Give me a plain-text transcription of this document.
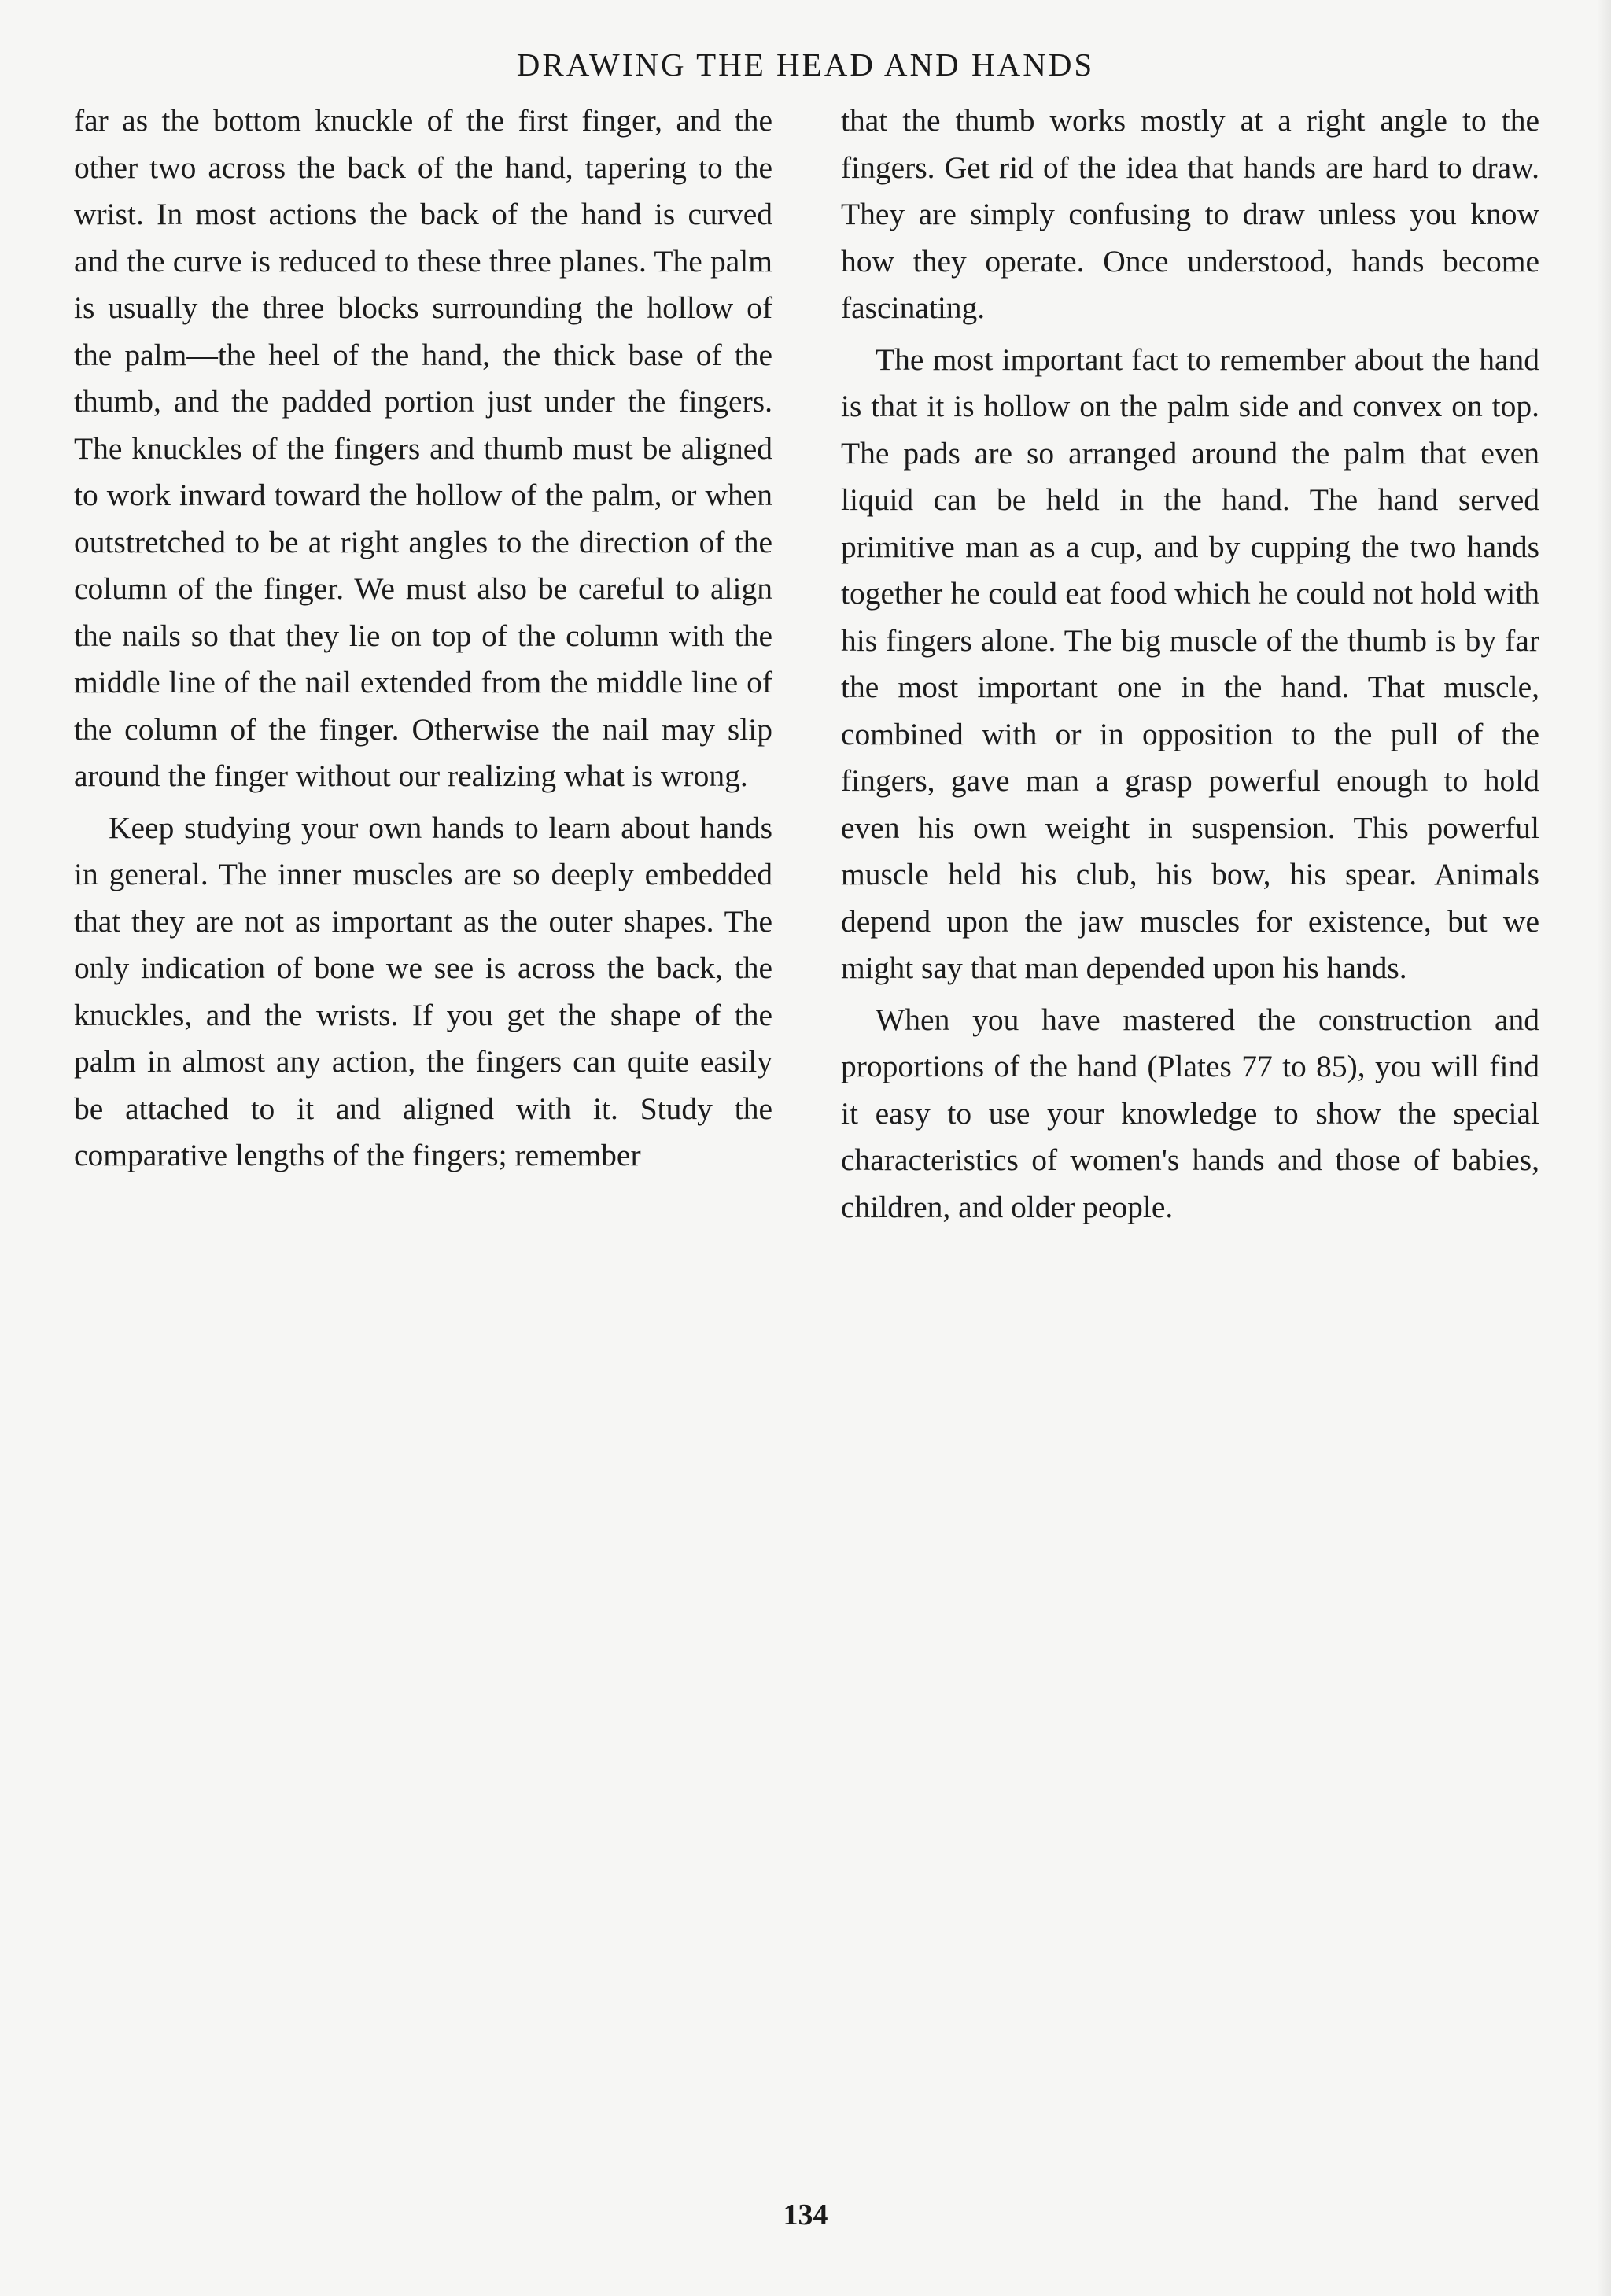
DRAWING THE HEAD AND HANDS

far as the bottom knuckle of the first finger, and the other two across the back of the hand, tapering to the wrist. In most actions the back of the hand is curved and the curve is reduced to these three planes. The palm is usually the three blocks surrounding the hollow of the palm—the heel of the hand, the thick base of the thumb, and the padded portion just under the fingers. The knuckles of the fingers and thumb must be aligned to work inward toward the hollow of the palm, or when outstretched to be at right angles to the direction of the column of the finger. We must also be careful to align the nails so that they lie on top of the column with the middle line of the nail extended from the middle line of the column of the finger. Otherwise the nail may slip around the finger without our realizing what is wrong.

Keep studying your own hands to learn about hands in general. The inner muscles are so deeply embedded that they are not as important as the outer shapes. The only indication of bone we see is across the back, the knuckles, and the wrists. If you get the shape of the palm in almost any action, the fingers can quite easily be attached to it and aligned with it. Study the comparative lengths of the fingers; remember

that the thumb works mostly at a right angle to the fingers. Get rid of the idea that hands are hard to draw. They are simply confusing to draw unless you know how they operate. Once understood, hands become fascinating.

The most important fact to remember about the hand is that it is hollow on the palm side and convex on top. The pads are so arranged around the palm that even liquid can be held in the hand. The hand served primitive man as a cup, and by cupping the two hands together he could eat food which he could not hold with his fingers alone. The big muscle of the thumb is by far the most important one in the hand. That muscle, combined with or in opposition to the pull of the fingers, gave man a grasp powerful enough to hold even his own weight in suspension. This powerful muscle held his club, his bow, his spear. Animals depend upon the jaw muscles for existence, but we might say that man depended upon his hands.

When you have mastered the construction and proportions of the hand (Plates 77 to 85), you will find it easy to use your knowledge to show the special characteristics of women's hands and those of babies, children, and older people.

134
